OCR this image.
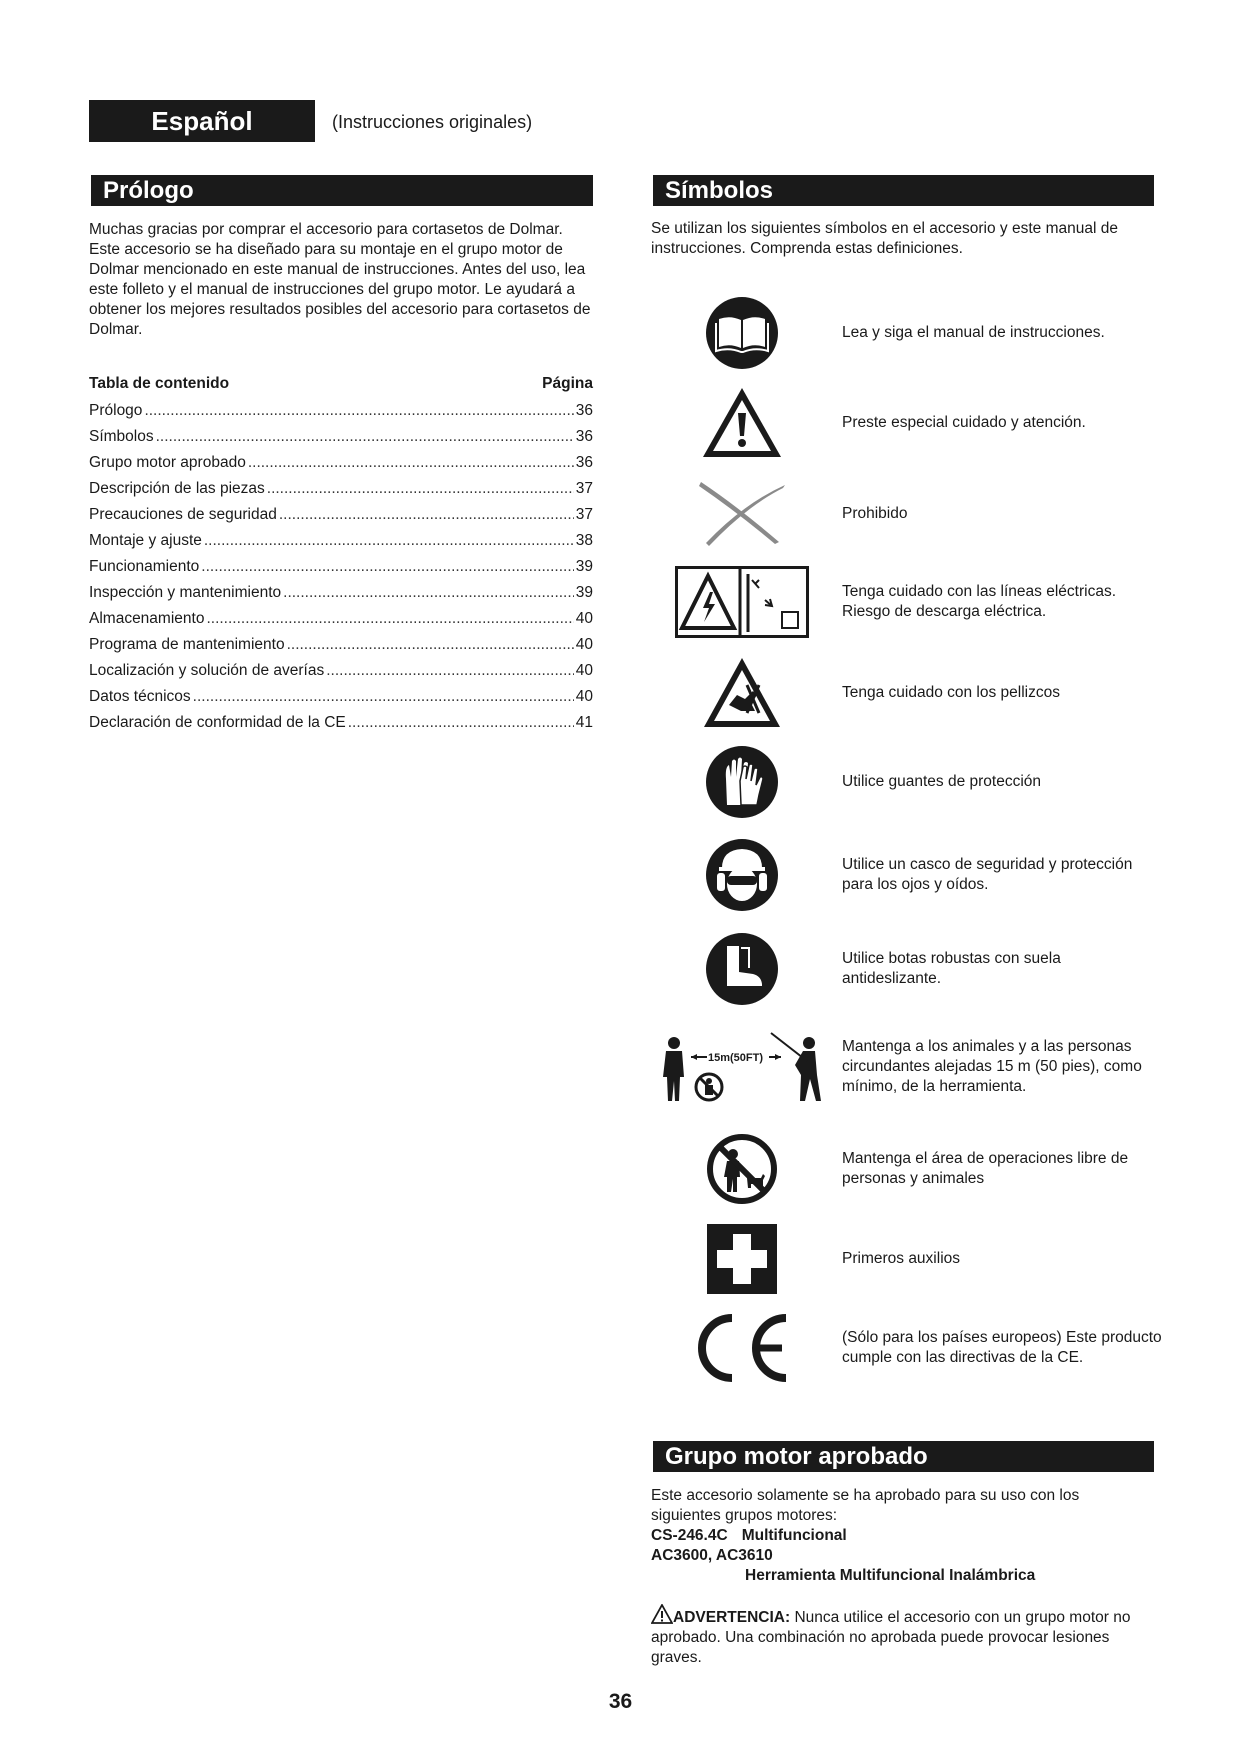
Español	(Instrucciones originales)
Prólogo
Muchas gracias por comprar el accesorio para cortasetos de Dolmar. Este accesorio se ha diseñado para su montaje en el grupo motor de Dolmar mencionado en este manual de instrucciones. Antes del uso, lea este folleto y el manual de instrucciones del grupo motor. Le ayudará a obtener los mejores resultados posibles del accesorio para cortasetos de Dolmar.
Tabla de contenido	Página
Prólogo .....	36
Símbolos .....	36
Grupo motor aprobado .....	36
Descripción de las piezas .....	37
Precauciones de seguridad .....	37
Montaje y ajuste .....	38
Funcionamiento .....	39
Inspección y mantenimiento .....	39
Almacenamiento .....	40
Programa de mantenimiento .....	40
Localización y solución de averías .....	40
Datos técnicos .....	40
Declaración de conformidad de la CE .....	41
Símbolos
Se utilizan los siguientes símbolos en el accesorio y este manual de instrucciones. Comprenda estas definiciones.
Lea y siga el manual de instrucciones.
Preste especial cuidado y atención.
Prohibido
Tenga cuidado con las líneas eléctricas. Riesgo de descarga eléctrica.
Tenga cuidado con los pellizcos
Utilice guantes de protección
Utilice un casco de seguridad y protección para los ojos y oídos.
Utilice botas robustas con suela antideslizante.
15m(50FT)
Mantenga a los animales y a las personas circundantes alejadas 15 m (50 pies), como mínimo, de la herramienta.
Mantenga el área de operaciones libre de personas y animales
Primeros auxilios
(Sólo para los países europeos) Este producto cumple con las directivas de la CE.
Grupo motor aprobado
Este accesorio solamente se ha aprobado para su uso con los siguientes grupos motores:
CS-246.4C Multifuncional
AC3600, AC3610
Herramienta Multifuncional Inalámbrica
ADVERTENCIA: Nunca utilice el accesorio con un grupo motor no aprobado. Una combinación no aprobada puede provocar lesiones graves.
36
